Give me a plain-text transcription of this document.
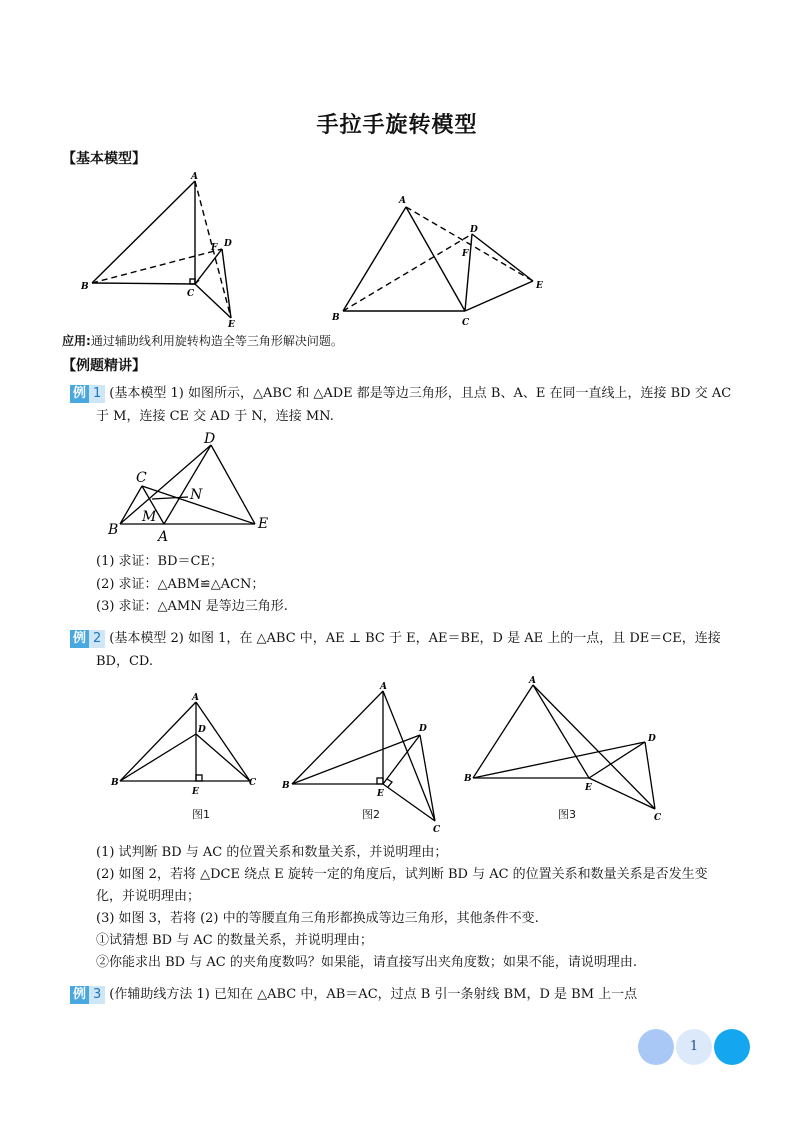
手拉手旋转模型
【基本模型】
A
B
C
D
F
E
A
B	C
D
F
E
应用:通过辅助线利用旋转构造全等三角形解决问题。
【例题精讲】
例 1 (基本模型 1) 如图所示，△ABC 和 △ADE 都是等边三角形，且点 B、A、E 在同一直线上，连接 BD 交 AC
于 M，连接 CE 交 AD 于 N，连接 MN.
D
C
N
M
B	A
E
(1) 求证：BD＝CE；
(2) 求证：△ABM≌△ACN；
(3) 求证：△AMN 是等边三角形.
例 2 (基本模型 2) 如图 1，在 △ABC 中，AE ⊥ BC 于 E，AE＝BE，D 是 AE 上的一点，且 DE＝CE，连接
BD，CD.
A
D
B	C
E
图1
A
B
D
E
C
图2
A
B
D
E
C
图3
(1) 试判断 BD 与 AC 的位置关系和数量关系，并说明理由；
(2) 如图 2，若将 △DCE 绕点 E 旋转一定的角度后，试判断 BD 与 AC 的位置关系和数量关系是否发生变
化，并说明理由；
(3) 如图 3，若将 (2) 中的等腰直角三角形都换成等边三角形，其他条件不变.
①试猜想 BD 与 AC 的数量关系，并说明理由；
②你能求出 BD 与 AC 的夹角度数吗？如果能，请直接写出夹角度数；如果不能，请说明理由.
例 3 (作辅助线方法 1) 已知在 △ABC 中，AB＝AC，过点 B 引一条射线 BM，D 是 BM 上一点
1
